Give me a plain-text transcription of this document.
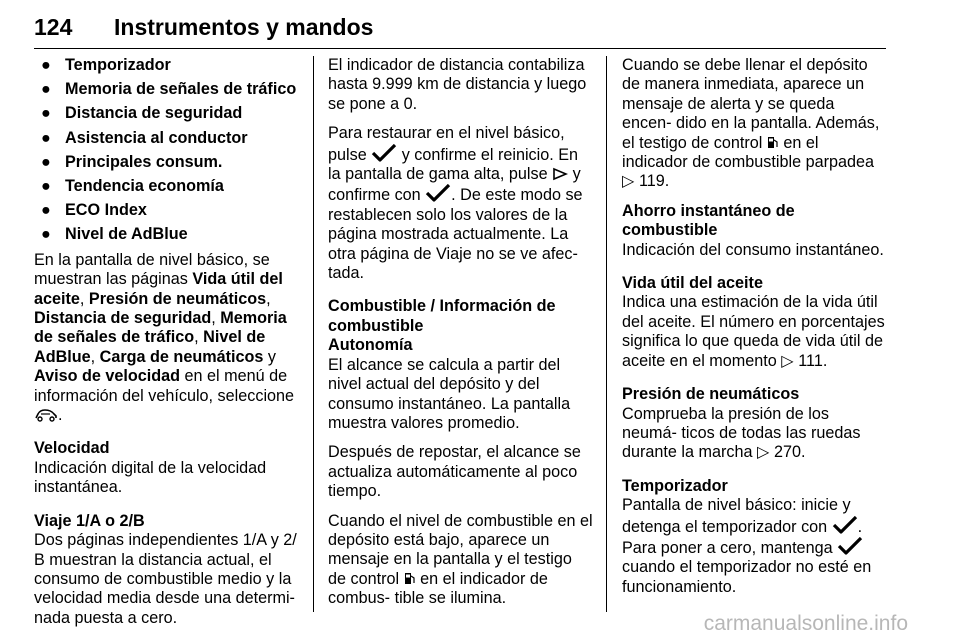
124 Instrumentos y mandos
● Temporizador
● Memoria de señales de tráfico
● Distancia de seguridad
● Asistencia al conductor
● Principales consum.
● Tendencia economía
● ECO Index
● Nivel de AdBlue

En la pantalla de nivel básico, se muestran las páginas Vida útil del aceite, Presión de neumáticos, Distancia de seguridad, Memoria de señales de tráfico, Nivel de AdBlue, Carga de neumáticos y Aviso de velocidad en el menú de información del vehículo, seleccione .

Velocidad

Indicación digital de la velocidad instantánea.

Viaje 1/A o 2/B

Dos páginas independientes 1/A y 2/ B muestran la distancia actual, el consumo de combustible medio y la velocidad media desde una determi- nada puesta a cero.

El indicador de distancia contabiliza hasta 9.999 km de distancia y luego se pone a 0.

Para restaurar en el nivel básico, pulse  y confirme el reinicio. En la pantalla de gama alta, pulse  y confirme con . De este modo se restablecen solo los valores de la página mostrada actualmente. La otra página de Viaje no se ve afec- tada.

Combustible / Información de combustible
Autonomía

El alcance se calcula a partir del nivel actual del depósito y del consumo instantáneo. La pantalla muestra valores promedio.

Después de repostar, el alcance se actualiza automáticamente al poco tiempo.

Cuando el nivel de combustible en el depósito está bajo, aparece un mensaje en la pantalla y el testigo de control  en el indicador de combus- tible se ilumina.

Cuando se debe llenar el depósito de manera inmediata, aparece un mensaje de alerta y se queda encen- dido en la pantalla. Además, el testigo de control  en el indicador de combustible parpadea ▷ 119.

Ahorro instantáneo de combustible

Indicación del consumo instantáneo.

Vida útil del aceite

Indica una estimación de la vida útil del aceite. El número en porcentajes significa lo que queda de vida útil de aceite en el momento ▷ 111.

Presión de neumáticos

Comprueba la presión de los neumá- ticos de todas las ruedas durante la marcha ▷ 270.

Temporizador

Pantalla de nivel básico: inicie y detenga el temporizador con . Para poner a cero, mantenga  cuando el temporizador no esté en funcionamiento.

carmanualsonline.info
